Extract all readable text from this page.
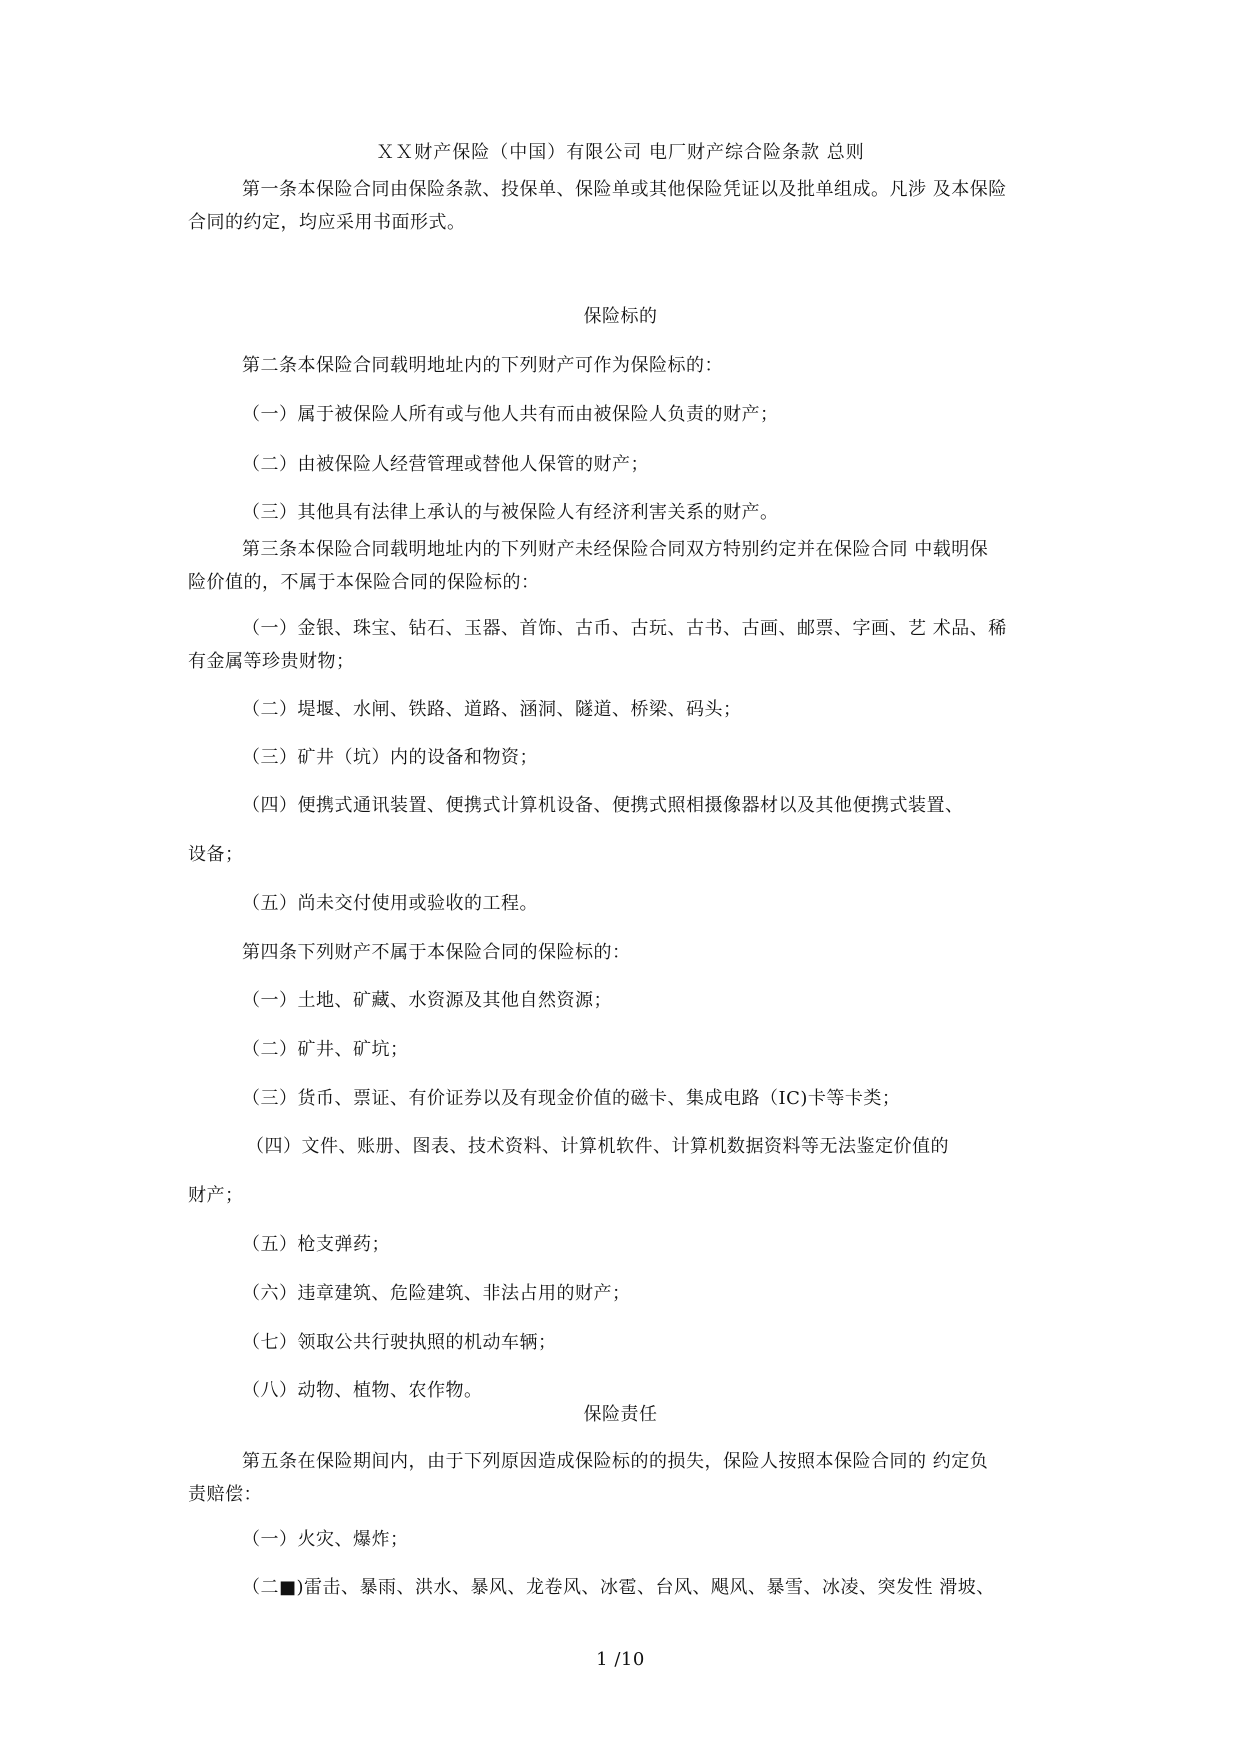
ＸＸ财产保险（中国）有限公司 电厂财产综合险条款 总则
第一条本保险合同由保险条款、投保单、保险单或其他保险凭证以及批单组成。凡涉 及本保险
合同的约定，均应采用书面形式。
保险标的
第二条本保险合同载明地址内的下列财产可作为保险标的：
（一）属于被保险人所有或与他人共有而由被保险人负责的财产；
（二）由被保险人经营管理或替他人保管的财产；
（三）其他具有法律上承认的与被保险人有经济利害关系的财产。
第三条本保险合同载明地址内的下列财产未经保险合同双方特别约定并在保险合同 中载明保
险价值的，不属于本保险合同的保险标的：
（一）金银、珠宝、钻石、玉器、首饰、古币、古玩、古书、古画、邮票、字画、艺 术品、稀
有金属等珍贵财物；
（二）堤堰、水闸、铁路、道路、涵洞、隧道、桥梁、码头；
（三）矿井（坑）内的设备和物资；
（四）便携式通讯装置、便携式计算机设备、便携式照相摄像器材以及其他便携式装置、
设备；
（五）尚未交付使用或验收的工程。
第四条下列财产不属于本保险合同的保险标的：
（一）土地、矿藏、水资源及其他自然资源；
（二）矿井、矿坑；
（三）货币、票证、有价证券以及有现金价值的磁卡、集成电路（IC)卡等卡类；
（四）文件、账册、图表、技术资料、计算机软件、计算机数据资料等无法鉴定价值的
财产；
（五）枪支弹药；
（六）违章建筑、危险建筑、非法占用的财产；
（七）领取公共行驶执照的机动车辆；
（八）动物、植物、农作物。
保险责任
第五条在保险期间内，由于下列原因造成保险标的的损失，保险人按照本保险合同的 约定负
责赔偿：
（一）火灾、爆炸；
（二■)雷击、暴雨、洪水、暴风、龙卷风、冰雹、台风、飓风、暴雪、冰凌、突发性 滑坡、
1 /10
